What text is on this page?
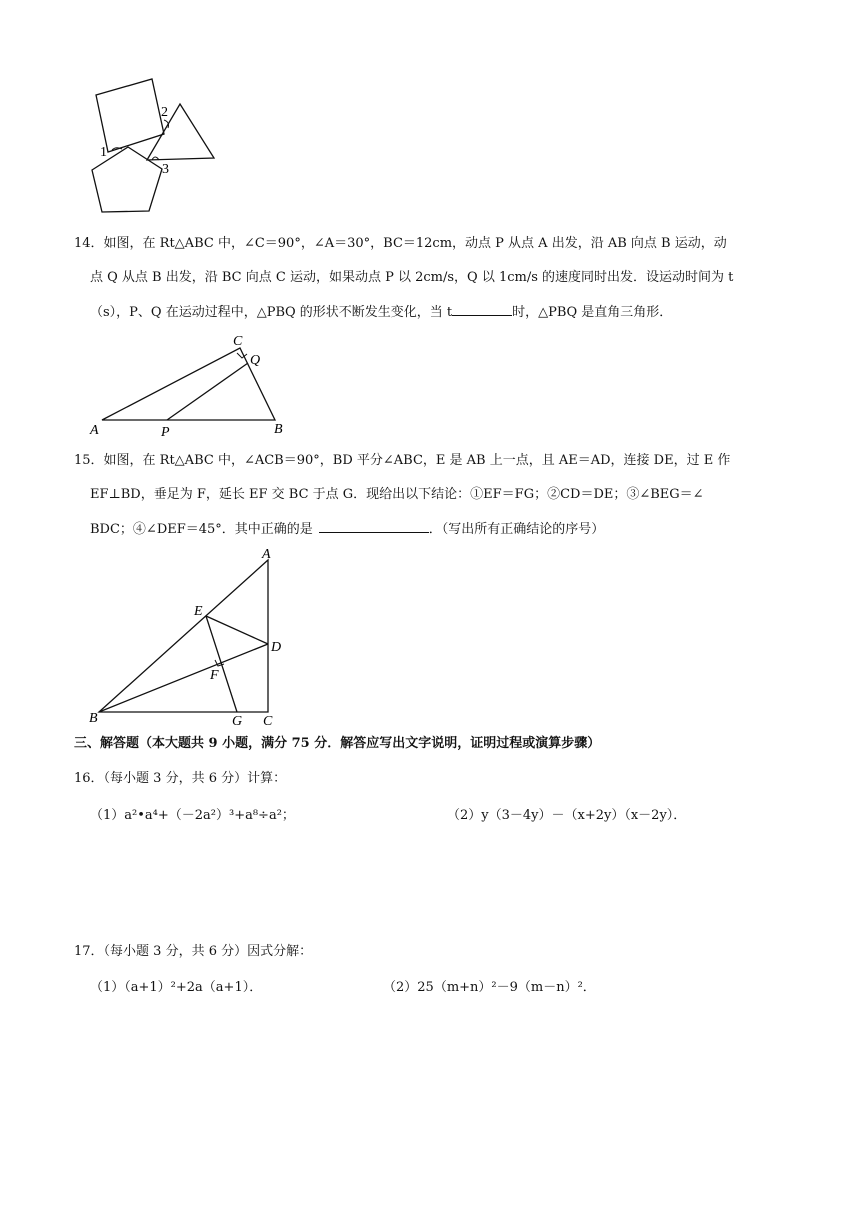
1
2
3
14．如图，在 Rt△ABC 中，∠C＝90°，∠A＝30°，BC＝12cm，动点 P 从点 A 出发，沿 AB 向点 B 运动，动
点 Q 从点 B 出发，沿 BC 向点 C 运动，如果动点 P 以 2cm/s，Q 以 1cm/s 的速度同时出发．设运动时间为 t
（s），P、Q 在运动过程中，△PBQ 的形状不断发生变化，当 t	时，△PBQ 是直角三角形．
A	P	B
C
Q
15．如图，在 Rt△ABC 中，∠ACB＝90°，BD 平分∠ABC，E 是 AB 上一点，且 AE＝AD，连接 DE，过 E 作
EF⊥BD，垂足为 F，延长 EF 交 BC 于点 G．现给出以下结论：①EF＝FG；②CD＝DE；③∠BEG＝∠
BDC；④∠DEF＝45°．其中正确的是	．（写出所有正确结论的序号）
A
E
D
F
B	G C
三、解答题（本大题共 9 小题，满分 75 分．解答应写出文字说明，证明过程或演算步骤）
16．（每小题 3 分，共 6 分）计算：
（1）a²•a⁴+（－2a²）³+a⁸÷a²；	（2）y（3－4y）－（x+2y）（x－2y）．
17．（每小题 3 分，共 6 分）因式分解：
（1）（a+1）²+2a（a+1）．	（2）25（m+n）²－9（m－n）²．
